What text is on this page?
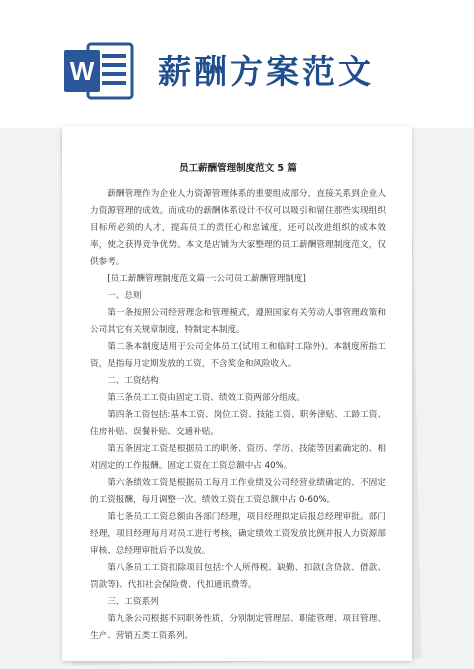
W 薪酬方案范文
员工薪酬管理制度范文 5 篇

薪酬管理作为企业人力资源管理体系的重要组成部分，直接关系到企业人力资源管理的成效。而成功的薪酬体系设计不仅可以吸引和留住那些实现组织目标所必须的人才，提高员工的责任心和忠诚度，还可以改进组织的成本效率，使之获得竞争优势。本文是店铺为大家整理的员工薪酬管理制度范文，仅供参考。

[员工薪酬管理制度范文篇一:公司员工薪酬管理制度]

一、总则

第一条按照公司经营理念和管理模式，遵照国家有关劳动人事管理政策和公司其它有关规章制度，特制定本制度。

第二条本制度适用于公司全体员工(试用工和临时工除外)。本制度所指工资，是指每月定期发放的工资，不含奖金和风险收入。

二、工资结构

第三条员工工资由固定工资、绩效工资两部分组成。

第四条工资包括:基本工资、岗位工资、技能工资、职务津贴、工龄工资、住房补贴、误餐补贴、交通补贴。

第五条固定工资是根据员工的职务、资历、学历、技能等因素确定的、相对固定的工作报酬。固定工资在工资总额中占 40%。

第六条绩效工资是根据员工每月工作业绩及公司经营业绩确定的、不固定的工资报酬，每月调整一次。绩效工资在工资总额中占 0-60%。

第七条员工工资总额由各部门经理，项目经理拟定后报总经理审批。部门经理，项目经理每月对员工进行考核，确定绩效工资发放比例并报人力资源部审核、总经理审批后予以发放。

第八条员工工资扣除项目包括:个人所得税、缺勤、扣款(含贷款、借款、罚款等)、代扣社会保险费、代扣通讯费等。

三、工资系列

第九条公司根据不同职务性质，分别制定管理层、职能管理、项目管理、生产、营销五类工资系列。
